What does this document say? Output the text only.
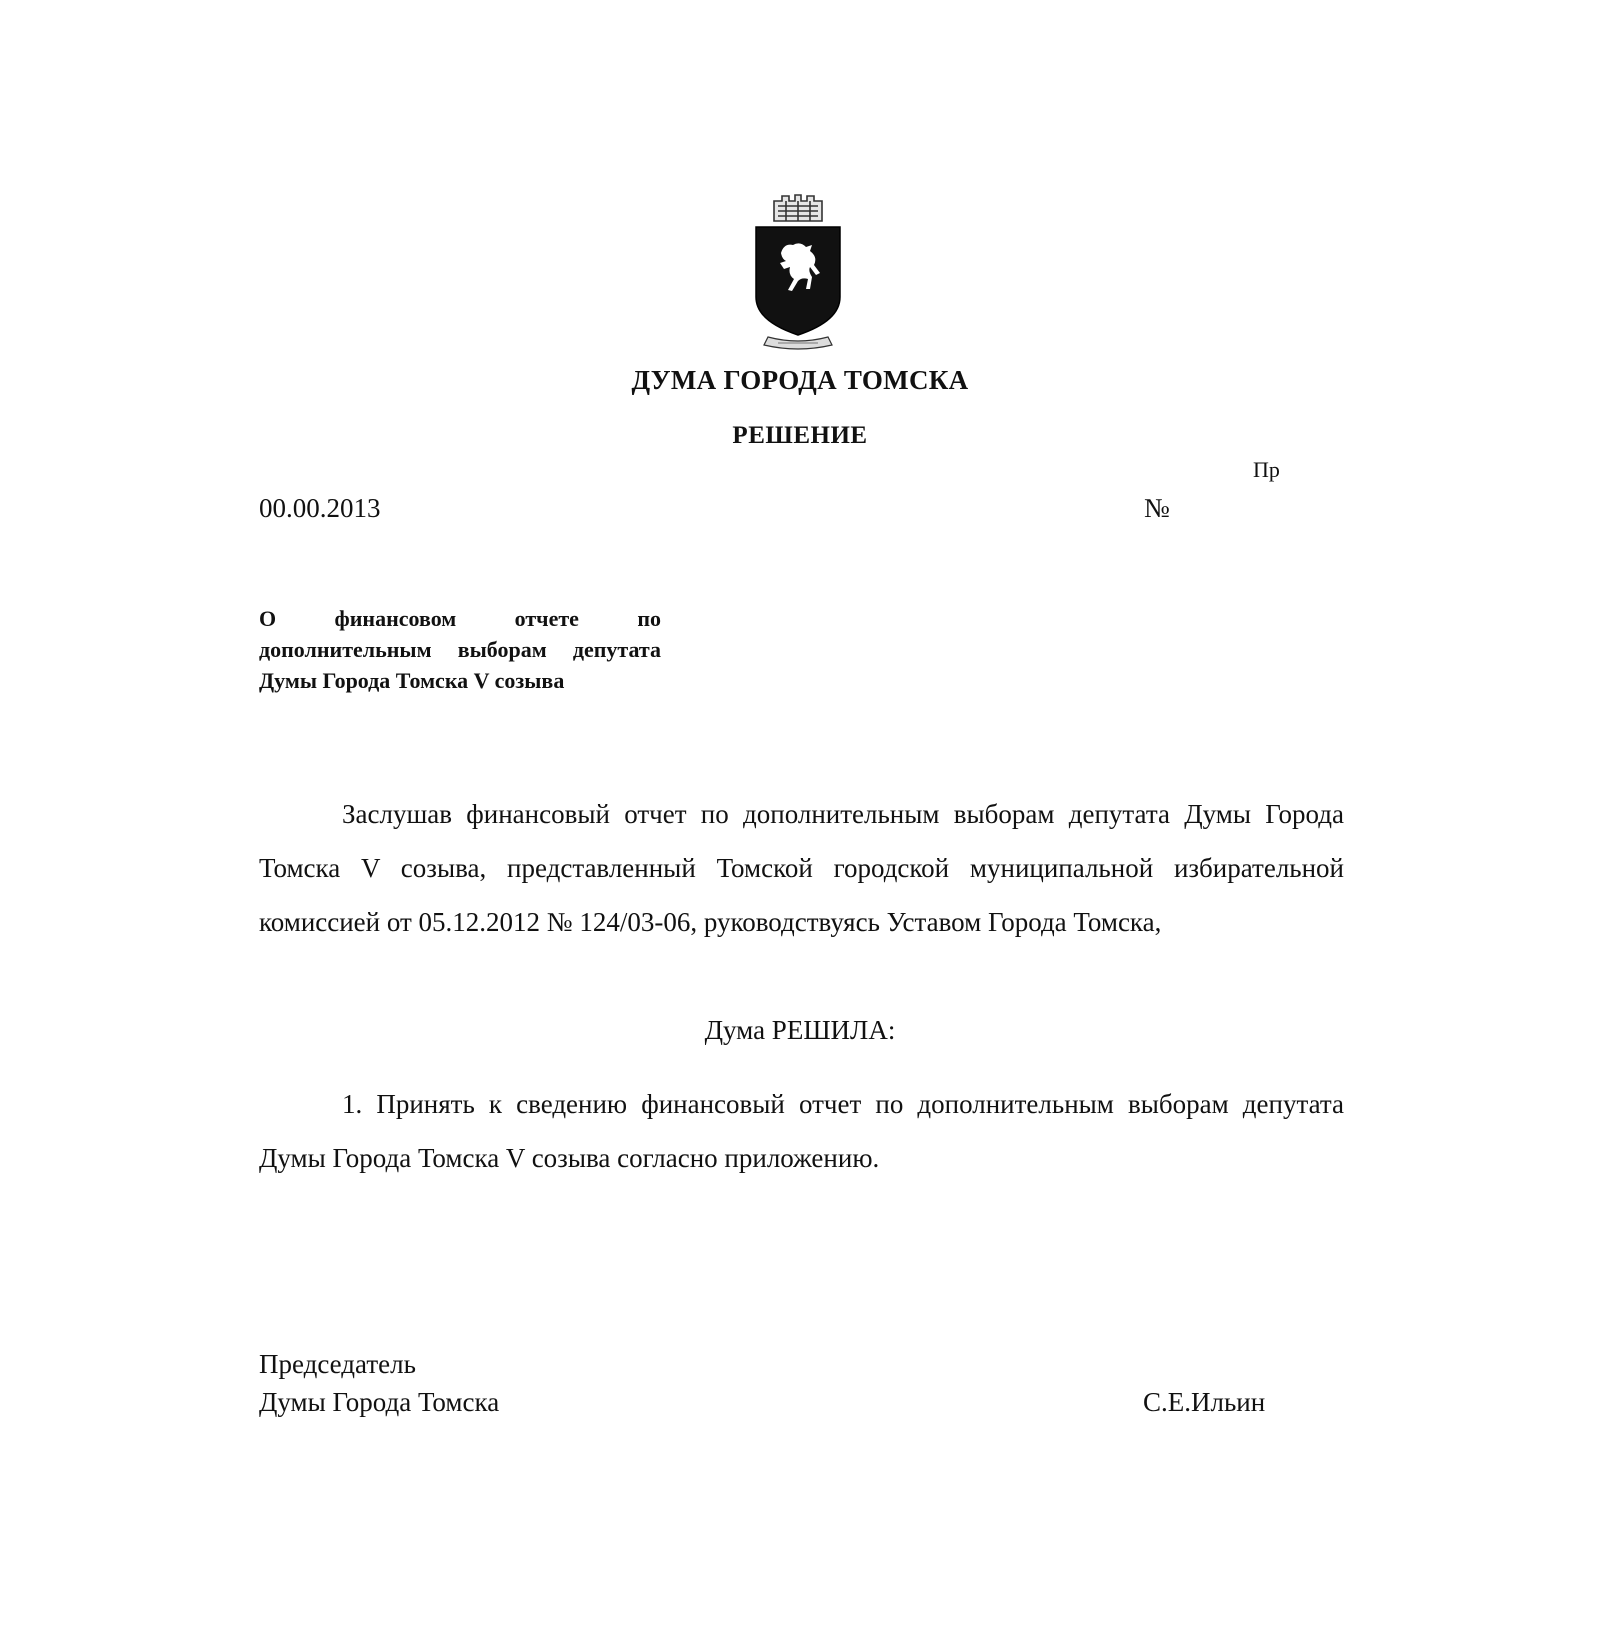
ДУМА ГОРОДА ТОМСКА
РЕШЕНИЕ
Пр
00.00.2013	№
О финансовом отчете по дополнительным выборам депутата Думы Города Томска V созыва

Заслушав финансовый отчет по дополнительным выборам депутата Думы Города Томска V созыва, представленный Томской городской муниципальной избирательной комиссией от 05.12.2012 № 124/03-06, руководствуясь Уставом Города Томска,

Дума РЕШИЛА:

1. Принять к сведению финансовый отчет по дополнительным выборам депутата Думы Города Томска V созыва согласно приложению.

Председатель
Думы Города Томска	С.Е.Ильин
